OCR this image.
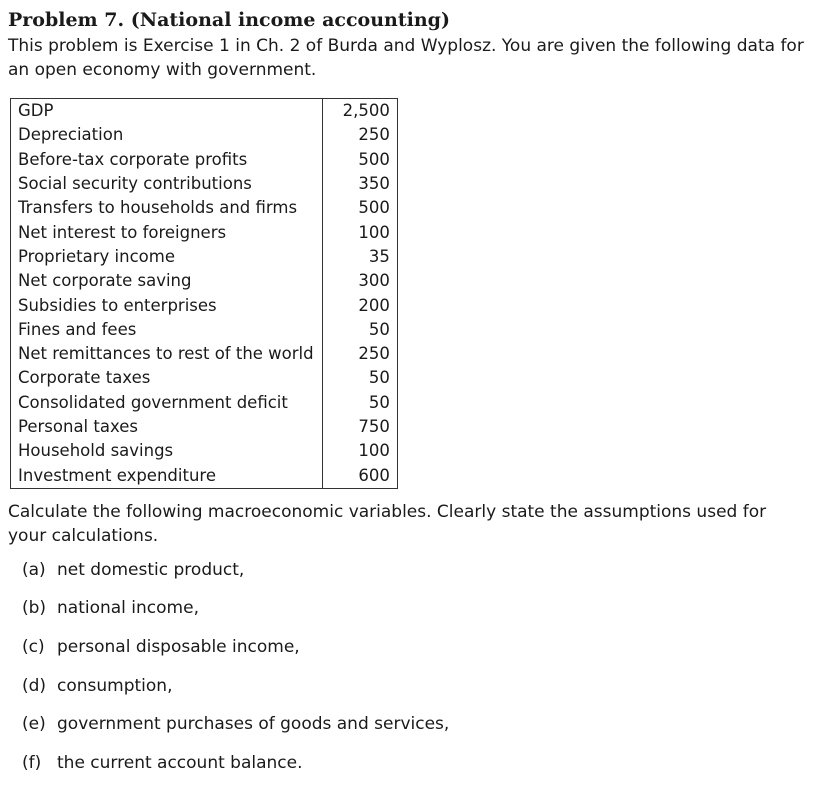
Problem 7. (National income accounting)

This problem is Exercise 1 in Ch. 2 of Burda and Wyplosz. You are given the following data for an open economy with government.

GDP	2,500
Depreciation	250
Before-tax corporate profits	500
Social security contributions	350
Transfers to households and firms	500
Net interest to foreigners	100
Proprietary income	35
Net corporate saving	300
Subsidies to enterprises	200
Fines and fees	50
Net remittances to rest of the world	250
Corporate taxes	50
Consolidated government deficit	50
Personal taxes	750
Household savings	100
Investment expenditure	600

Calculate the following macroeconomic variables. Clearly state the assumptions used for your calculations.

(a) net domestic product,
(b) national income,
(c) personal disposable income,
(d) consumption,
(e) government purchases of goods and services,
(f) the current account balance.
